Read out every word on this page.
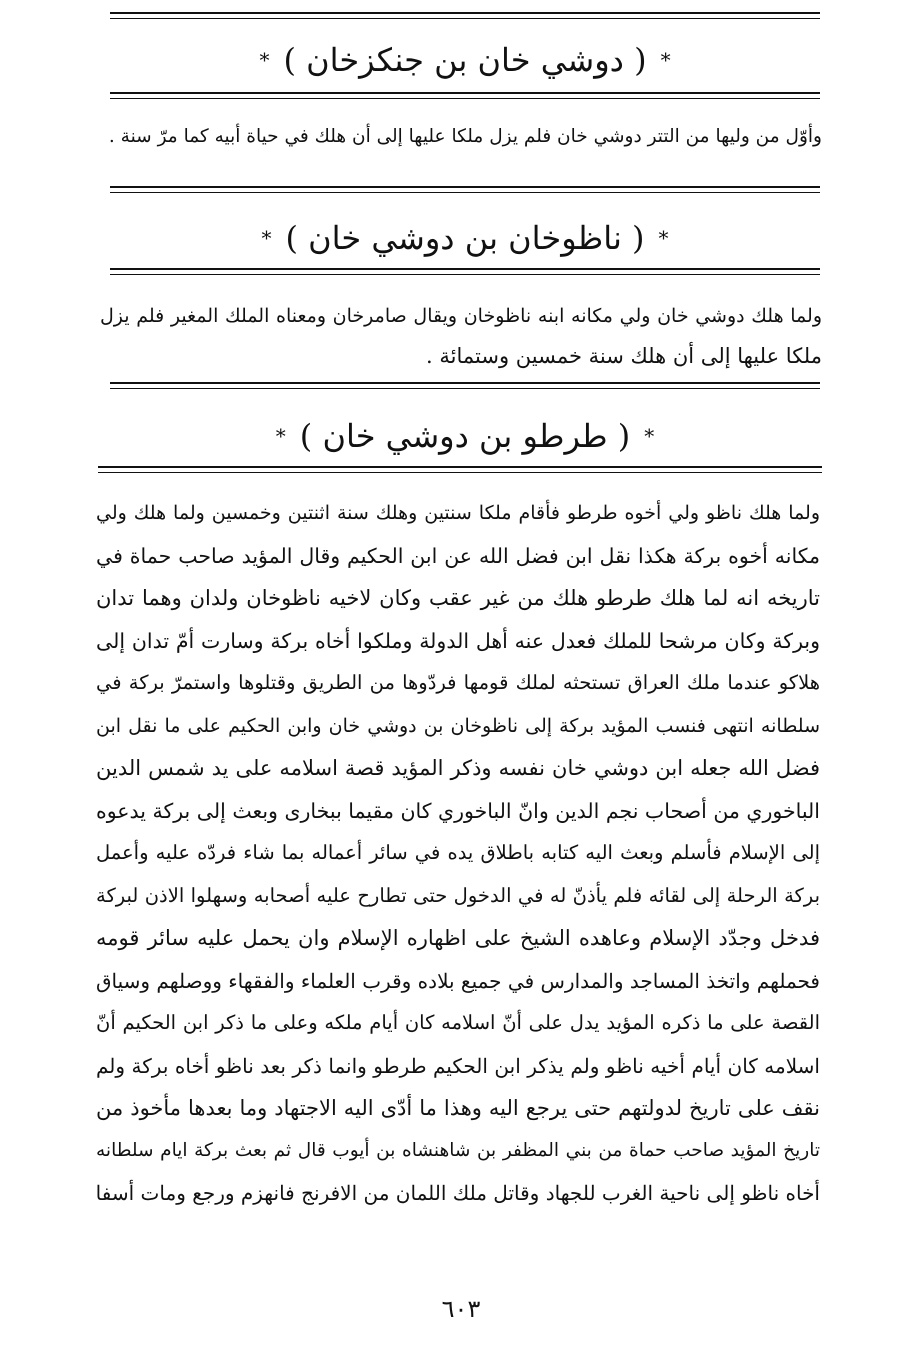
*
( دوشي خان بن جنكزخان )
*
وأوّل من وليها من التتر دوشي خان فلم يزل ملكا عليها إلى أن هلك في حياة أبيه كما مرّ سنة .
*
( ناظوخان بن دوشي خان )
*
ولما هلك دوشي خان ولي مكانه ابنه ناظوخان ويقال صامرخان ومعناه الملك المغير فلم يزل
ملكا عليها إلى أن هلك سنة خمسين وستمائة .
*
( طرطو بن دوشي خان )
*
ولما هلك ناظو ولي أخوه طرطو فأقام ملكا سنتين وهلك سنة اثنتين وخمسين ولما هلك ولي
مكانه أخوه بركة هكذا نقل ابن فضل الله عن ابن الحكيم وقال المؤيد صاحب حماة في
تاريخه انه لما هلك طرطو هلك من غير عقب وكان لاخيه ناظوخان ولدان وهما تدان
وبركة وكان مرشحا للملك فعدل عنه أهل الدولة وملكوا أخاه بركة وسارت أمّ تدان إلى
هلاكو عندما ملك العراق تستحثه لملك قومها فردّوها من الطريق وقتلوها واستمرّ بركة في
سلطانه انتهى فنسب المؤيد بركة إلى ناظوخان بن دوشي خان وابن الحكيم على ما نقل ابن
فضل الله جعله ابن دوشي خان نفسه وذكر المؤيد قصة اسلامه على يد شمس الدين
الباخوري من أصحاب نجم الدين وانّ الباخوري كان مقيما ببخارى وبعث إلى بركة يدعوه
إلى الإسلام فأسلم وبعث اليه كتابه باطلاق يده في سائر أعماله بما شاء فردّه عليه وأعمل
بركة الرحلة إلى لقائه فلم يأذنّ له في الدخول حتى تطارح عليه أصحابه وسهلوا الاذن لبركة
فدخل وجدّد الإسلام وعاهده الشيخ على اظهاره الإسلام وان يحمل عليه سائر قومه
فحملهم واتخذ المساجد والمدارس في جميع بلاده وقرب العلماء والفقهاء ووصلهم وسياق
القصة على ما ذكره المؤيد يدل على أنّ اسلامه كان أيام ملكه وعلى ما ذكر ابن الحكيم أنّ
اسلامه كان أيام أخيه ناظو ولم يذكر ابن الحكيم طرطو وانما ذكر بعد ناظو أخاه بركة ولم
نقف على تاريخ لدولتهم حتى يرجع اليه وهذا ما أدّى اليه الاجتهاد وما بعدها مأخوذ من
تاريخ المؤيد صاحب حماة من بني المظفر بن شاهنشاه بن أيوب قال ثم بعث بركة ايام سلطانه
أخاه ناظو إلى ناحية الغرب للجهاد وقاتل ملك اللمان من الافرنج فانهزم ورجع ومات أسفا
٦٠٣
